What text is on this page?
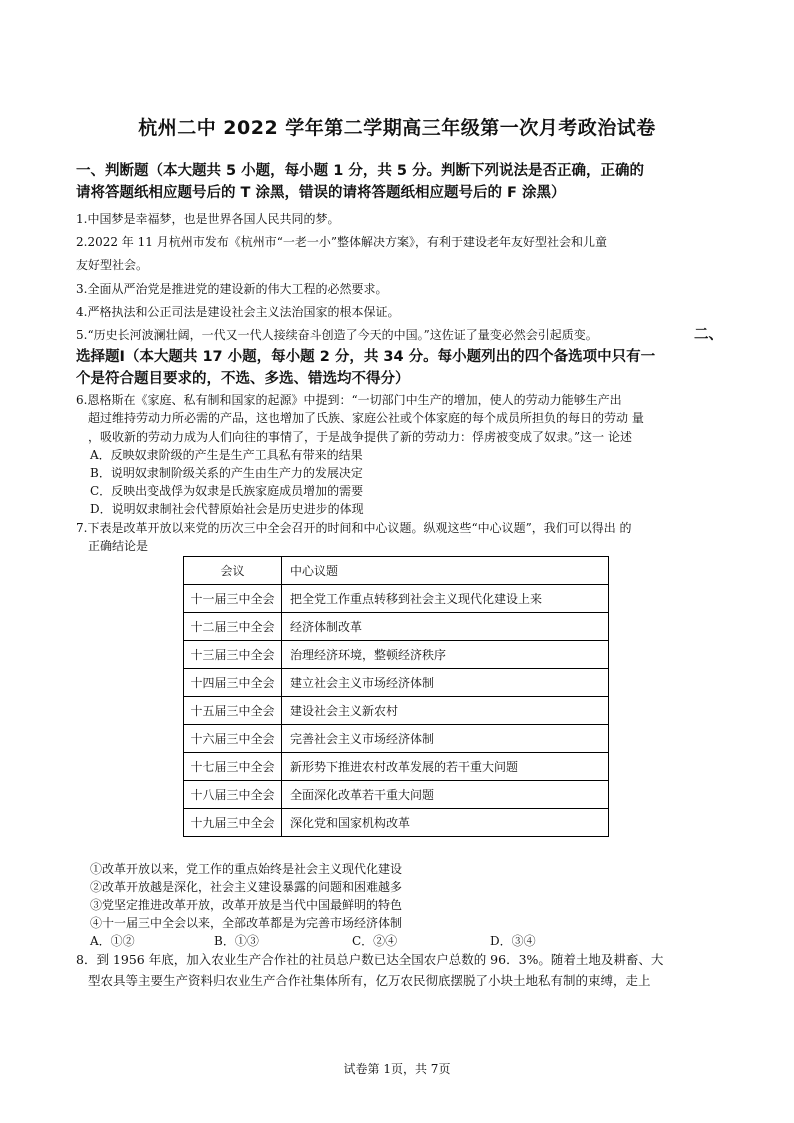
杭州二中 2022 学年第二学期高三年级第一次月考政治试卷
一、判断题（本大题共 5 小题，每小题 1 分，共 5 分。判断下列说法是否正确，正确的
请将答题纸相应题号后的 T 涂黑，错误的请将答题纸相应题号后的 F 涂黑）
1.中国梦是幸福梦，也是世界各国人民共同的梦。
2.2022 年 11 月杭州市发布《杭州市“一老一小”整体解决方案》，有利于建设老年友好型社会和儿童
友好型社会。
3.全面从严治党是推进党的建设新的伟大工程的必然要求。
4.严格执法和公正司法是建设社会主义法治国家的根本保证。
5.“历史长河波澜壮阔，一代又一代人接续奋斗创造了今天的中国。”这佐证了量变必然会引起质变。	二、
选择题Ⅰ（本大题共 17 小题，每小题 2 分，共 34 分。每小题列出的四个备选项中只有一
个是符合题目要求的，不选、多选、错选均不得分）
6.恩格斯在《家庭、私有制和国家的起源》中提到：“一切部门中生产的增加，使人的劳动力能够生产出
超过维持劳动力所必需的产品，这也增加了氏族、家庭公社或个体家庭的每个成员所担负的每日的劳动 量
，吸收新的劳动力成为人们向往的事情了，于是战争提供了新的劳动力：俘虏被变成了奴隶。”这一 论述
A．反映奴隶阶级的产生是生产工具私有带来的结果
B．说明奴隶制阶级关系的产生由生产力的发展决定
C．反映出变战俘为奴隶是氏族家庭成员增加的需要
D．说明奴隶制社会代替原始社会是历史进步的体现
7.下表是改革开放以来党的历次三中全会召开的时间和中心议题。纵观这些“中心议题”，我们可以得出 的
正确结论是
会议	中心议题
十一届三中全会	把全党工作重点转移到社会主义现代化建设上来
十二届三中全会	经济体制改革
十三届三中全会	治理经济环境，整顿经济秩序
十四届三中全会	建立社会主义市场经济体制
十五届三中全会	建设社会主义新农村
十六届三中全会	完善社会主义市场经济体制
十七届三中全会	新形势下推进农村改革发展的若干重大问题
十八届三中全会	全面深化改革若干重大问题
十九届三中全会	深化党和国家机构改革
①改革开放以来，党工作的重点始终是社会主义现代化建设
②改革开放越是深化，社会主义建设暴露的问题和困难越多
③党坚定推进改革开放，改革开放是当代中国最鲜明的特色
④十一届三中全会以来，全部改革都是为完善市场经济体制
A．①②	B．①③	C．②④	D．③④
8．到 1956 年底，加入农业生产合作社的社员总户数已达全国农户总数的 96．3%。随着土地及耕畜、大
型农具等主要生产资料归农业生产合作社集体所有，亿万农民彻底摆脱了小块土地私有制的束缚，走上
试卷第 1页，共 7页
